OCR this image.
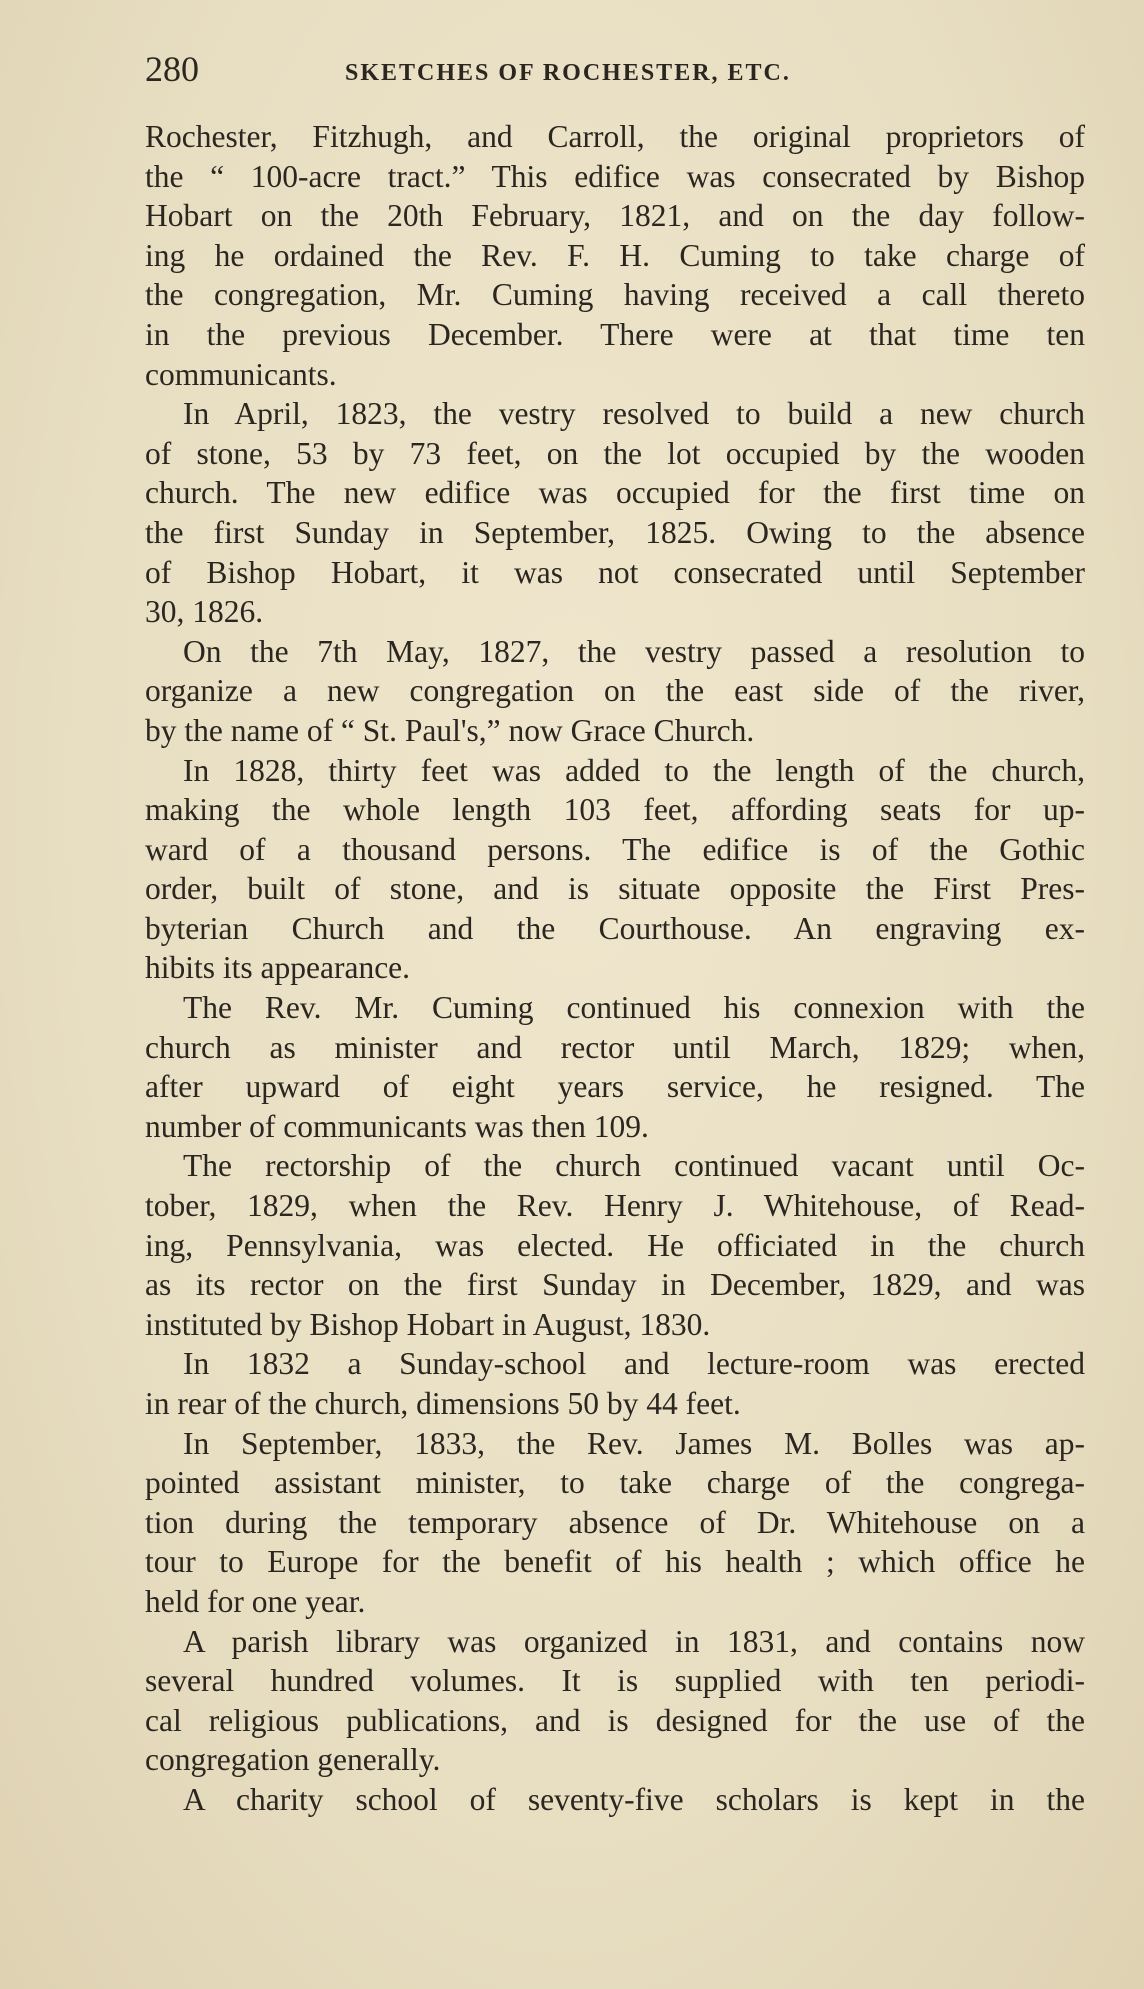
280	SKETCHES OF ROCHESTER, ETC.
Rochester, Fitzhugh, and Carroll, the original proprietors of
the “ 100-acre tract.” This edifice was consecrated by Bishop
Hobart on the 20th February, 1821, and on the day follow-
ing he ordained the Rev. F. H. Cuming to take charge of
the congregation, Mr. Cuming having received a call thereto
in the previous December. There were at that time ten
communicants.
In April, 1823, the vestry resolved to build a new church
of stone, 53 by 73 feet, on the lot occupied by the wooden
church. The new edifice was occupied for the first time on
the first Sunday in September, 1825. Owing to the absence
of Bishop Hobart, it was not consecrated until September
30, 1826.
On the 7th May, 1827, the vestry passed a resolution to
organize a new congregation on the east side of the river,
by the name of “ St. Paul's,” now Grace Church.
In 1828, thirty feet was added to the length of the church,
making the whole length 103 feet, affording seats for up-
ward of a thousand persons. The edifice is of the Gothic
order, built of stone, and is situate opposite the First Pres-
byterian Church and the Courthouse. An engraving ex-
hibits its appearance.
The Rev. Mr. Cuming continued his connexion with the
church as minister and rector until March, 1829; when,
after upward of eight years service, he resigned. The
number of communicants was then 109.
The rectorship of the church continued vacant until Oc-
tober, 1829, when the Rev. Henry J. Whitehouse, of Read-
ing, Pennsylvania, was elected. He officiated in the church
as its rector on the first Sunday in December, 1829, and was
instituted by Bishop Hobart in August, 1830.
In 1832 a Sunday-school and lecture-room was erected
in rear of the church, dimensions 50 by 44 feet.
In September, 1833, the Rev. James M. Bolles was ap-
pointed assistant minister, to take charge of the congrega-
tion during the temporary absence of Dr. Whitehouse on a
tour to Europe for the benefit of his health ; which office he
held for one year.
A parish library was organized in 1831, and contains now
several hundred volumes. It is supplied with ten periodi-
cal religious publications, and is designed for the use of the
congregation generally.
A charity school of seventy-five scholars is kept in the
